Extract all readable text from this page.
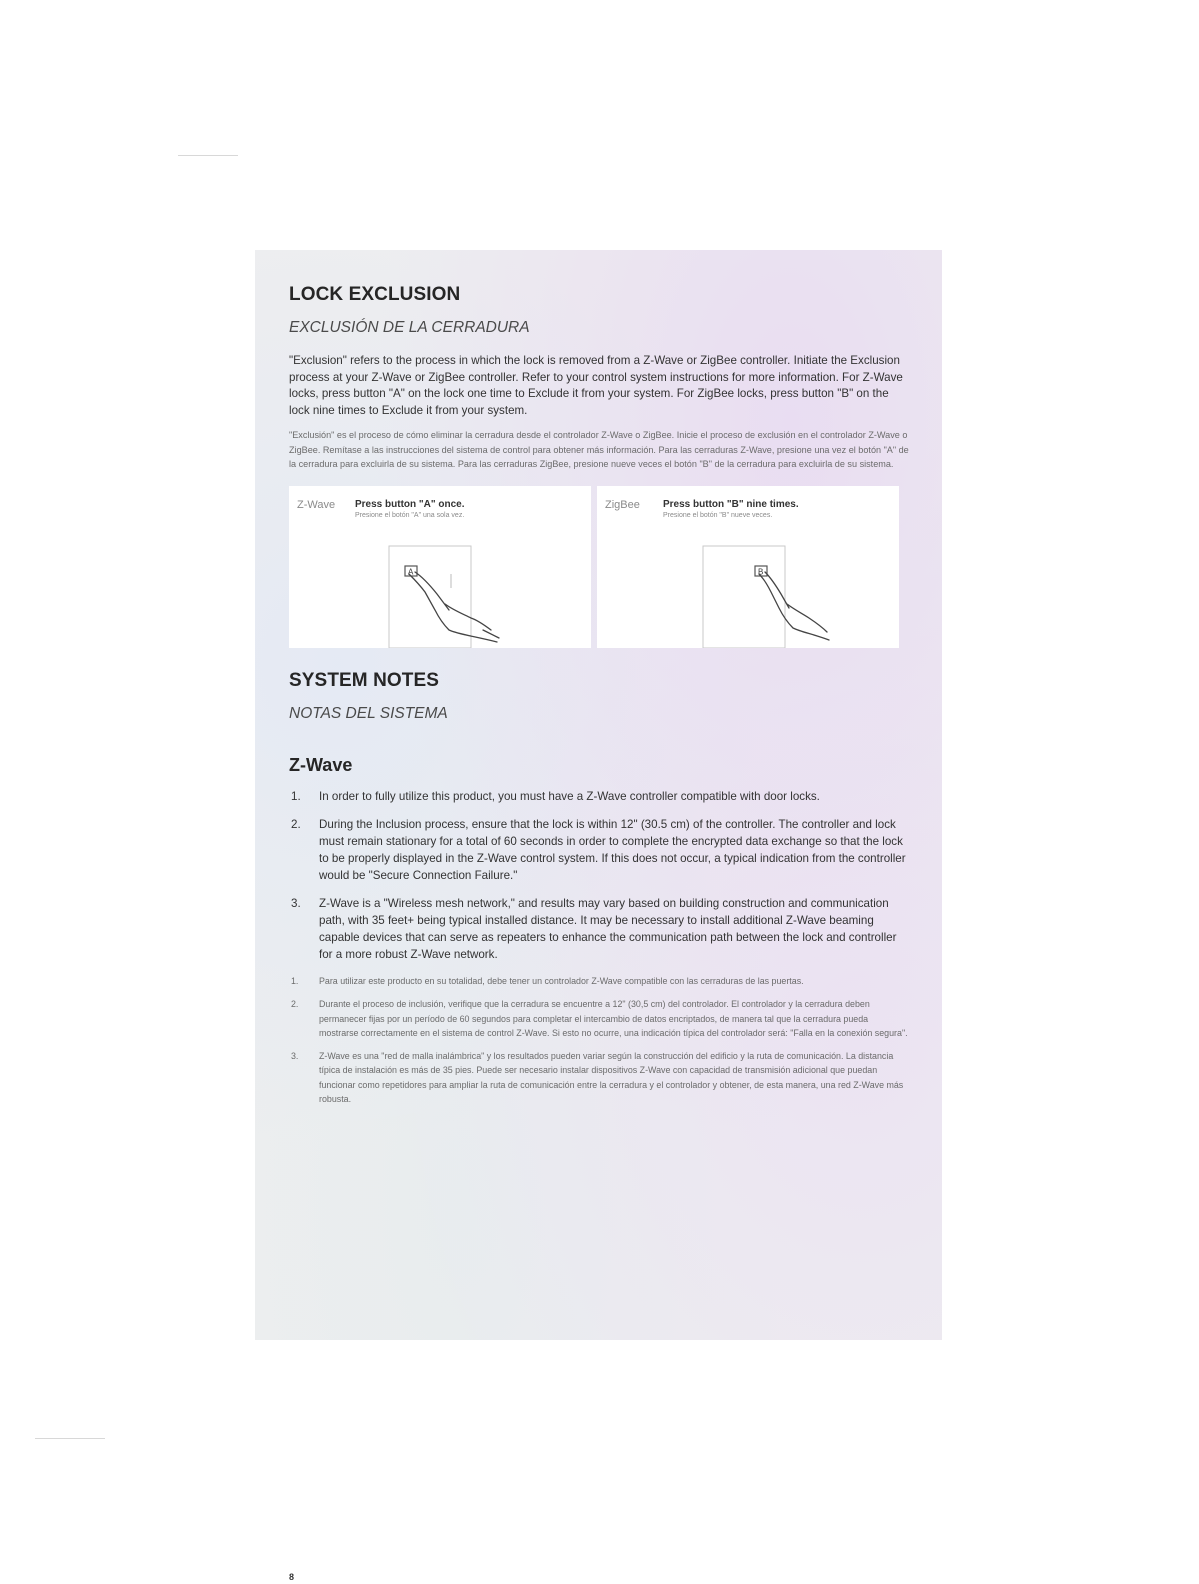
LOCK EXCLUSION
EXCLUSIÓN DE LA CERRADURA

"Exclusion" refers to the process in which the lock is removed from a Z-Wave or ZigBee controller. Initiate the Exclusion process at your Z-Wave or ZigBee controller. Refer to your control system instructions for more information. For Z-Wave locks, press button "A" on the lock one time to Exclude it from your system. For ZigBee locks, press button "B" on the lock nine times to Exclude it from your system.

"Exclusión" es el proceso de cómo eliminar la cerradura desde el controlador Z-Wave o ZigBee. Inicie el proceso de exclusión en el controlador Z-Wave o ZigBee. Remítase a las instrucciones del sistema de control para obtener más información. Para las cerraduras Z-Wave, presione una vez el botón "A" de la cerradura para excluirla de su sistema. Para las cerraduras ZigBee, presione nueve veces el botón "B" de la cerradura para excluirla de su sistema.

Z-Wave	Press button "A" once.
Presione el botón "A" una sola vez.
A
ZigBee	Press button "B" nine times.
Presione el botón "B" nueve veces.
B
SYSTEM NOTES
NOTAS DEL SISTEMA
Z-Wave
1. In order to fully utilize this product, you must have a Z-Wave controller compatible with door locks.
2. During the Inclusion process, ensure that the lock is within 12" (30.5 cm) of the controller. The controller and lock must remain stationary for a total of 60 seconds in order to complete the encrypted data exchange so that the lock to be properly displayed in the Z-Wave control system. If this does not occur, a typical indication from the controller would be "Secure Connection Failure."
3. Z-Wave is a "Wireless mesh network," and results may vary based on building construction and communication path, with 35 feet+ being typical installed distance. It may be necessary to install additional Z-Wave beaming capable devices that can serve as repeaters to enhance the communication path between the lock and controller for a more robust Z-Wave network.
1. Para utilizar este producto en su totalidad, debe tener un controlador Z-Wave compatible con las cerraduras de las puertas.
2. Durante el proceso de inclusión, verifique que la cerradura se encuentre a 12" (30,5 cm) del controlador. El controlador y la cerradura deben permanecer fijas por un período de 60 segundos para completar el intercambio de datos encriptados, de manera tal que la cerradura pueda mostrarse correctamente en el sistema de control Z-Wave. Si esto no ocurre, una indicación típica del controlador será: "Falla en la conexión segura".
3. Z-Wave es una "red de malla inalámbrica" y los resultados pueden variar según la construcción del edificio y la ruta de comunicación. La distancia típica de instalación es más de 35 pies. Puede ser necesario instalar dispositivos Z-Wave con capacidad de transmisión adicional que puedan funcionar como repetidores para ampliar la ruta de comunicación entre la cerradura y el controlador y obtener, de esta manera, una red Z-Wave más robusta.
8
